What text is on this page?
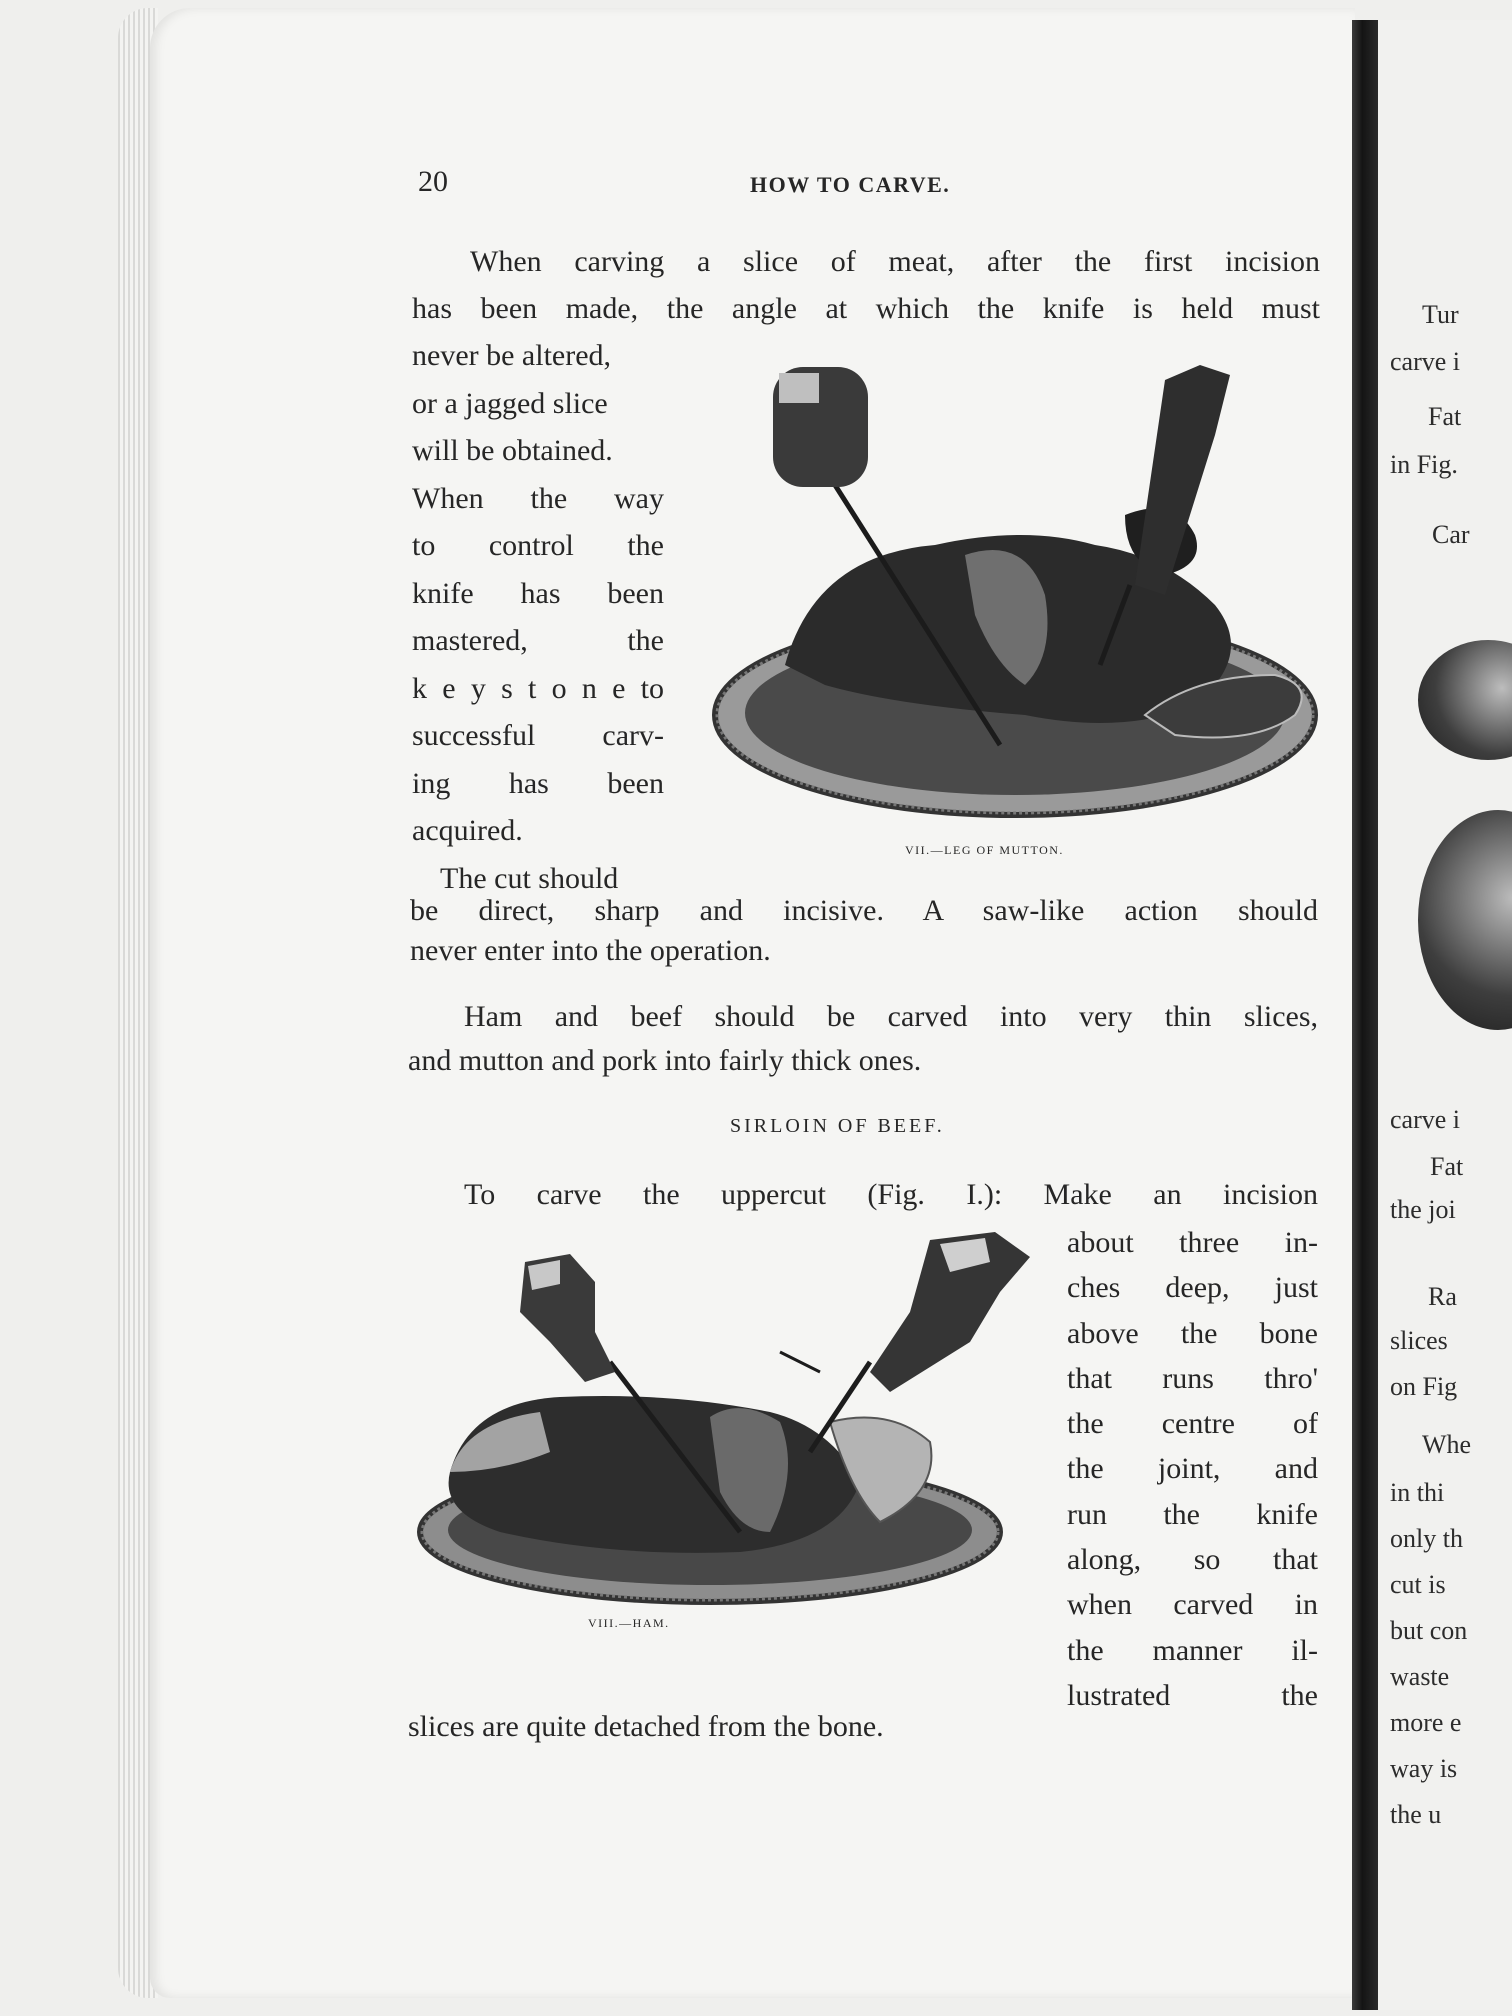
20	HOW TO CARVE.
When carving a slice of meat, after the first incision
has been made, the angle at which the knife is held must
never be altered,
or a jagged slice
will be obtained.
When the way
to control the
knife has been
mastered, the
k e y s t o n e to
successful carv-
ing has been
acquired.
The cut should
VII.—LEG OF MUTTON.
be direct, sharp and incisive. A saw-like action should
never enter into the operation.
Ham and beef should be carved into very thin slices,
and mutton and pork into fairly thick ones.
SIRLOIN OF BEEF.
To carve the uppercut (Fig. I.): Make an incision
about three in-
ches deep, just
above the bone
that runs thro'
the centre of
the joint, and
run the knife
along, so that
when carved in
the manner il-
lustrated the
VIII.—HAM.
slices are quite detached from the bone.
Tur
carve i
Fat
in Fig.
Car
carve i
Fat
the joi
Ra
slices
on Fig
Whe
in thi
only th
cut is
but con
waste
more e
way is
the u
